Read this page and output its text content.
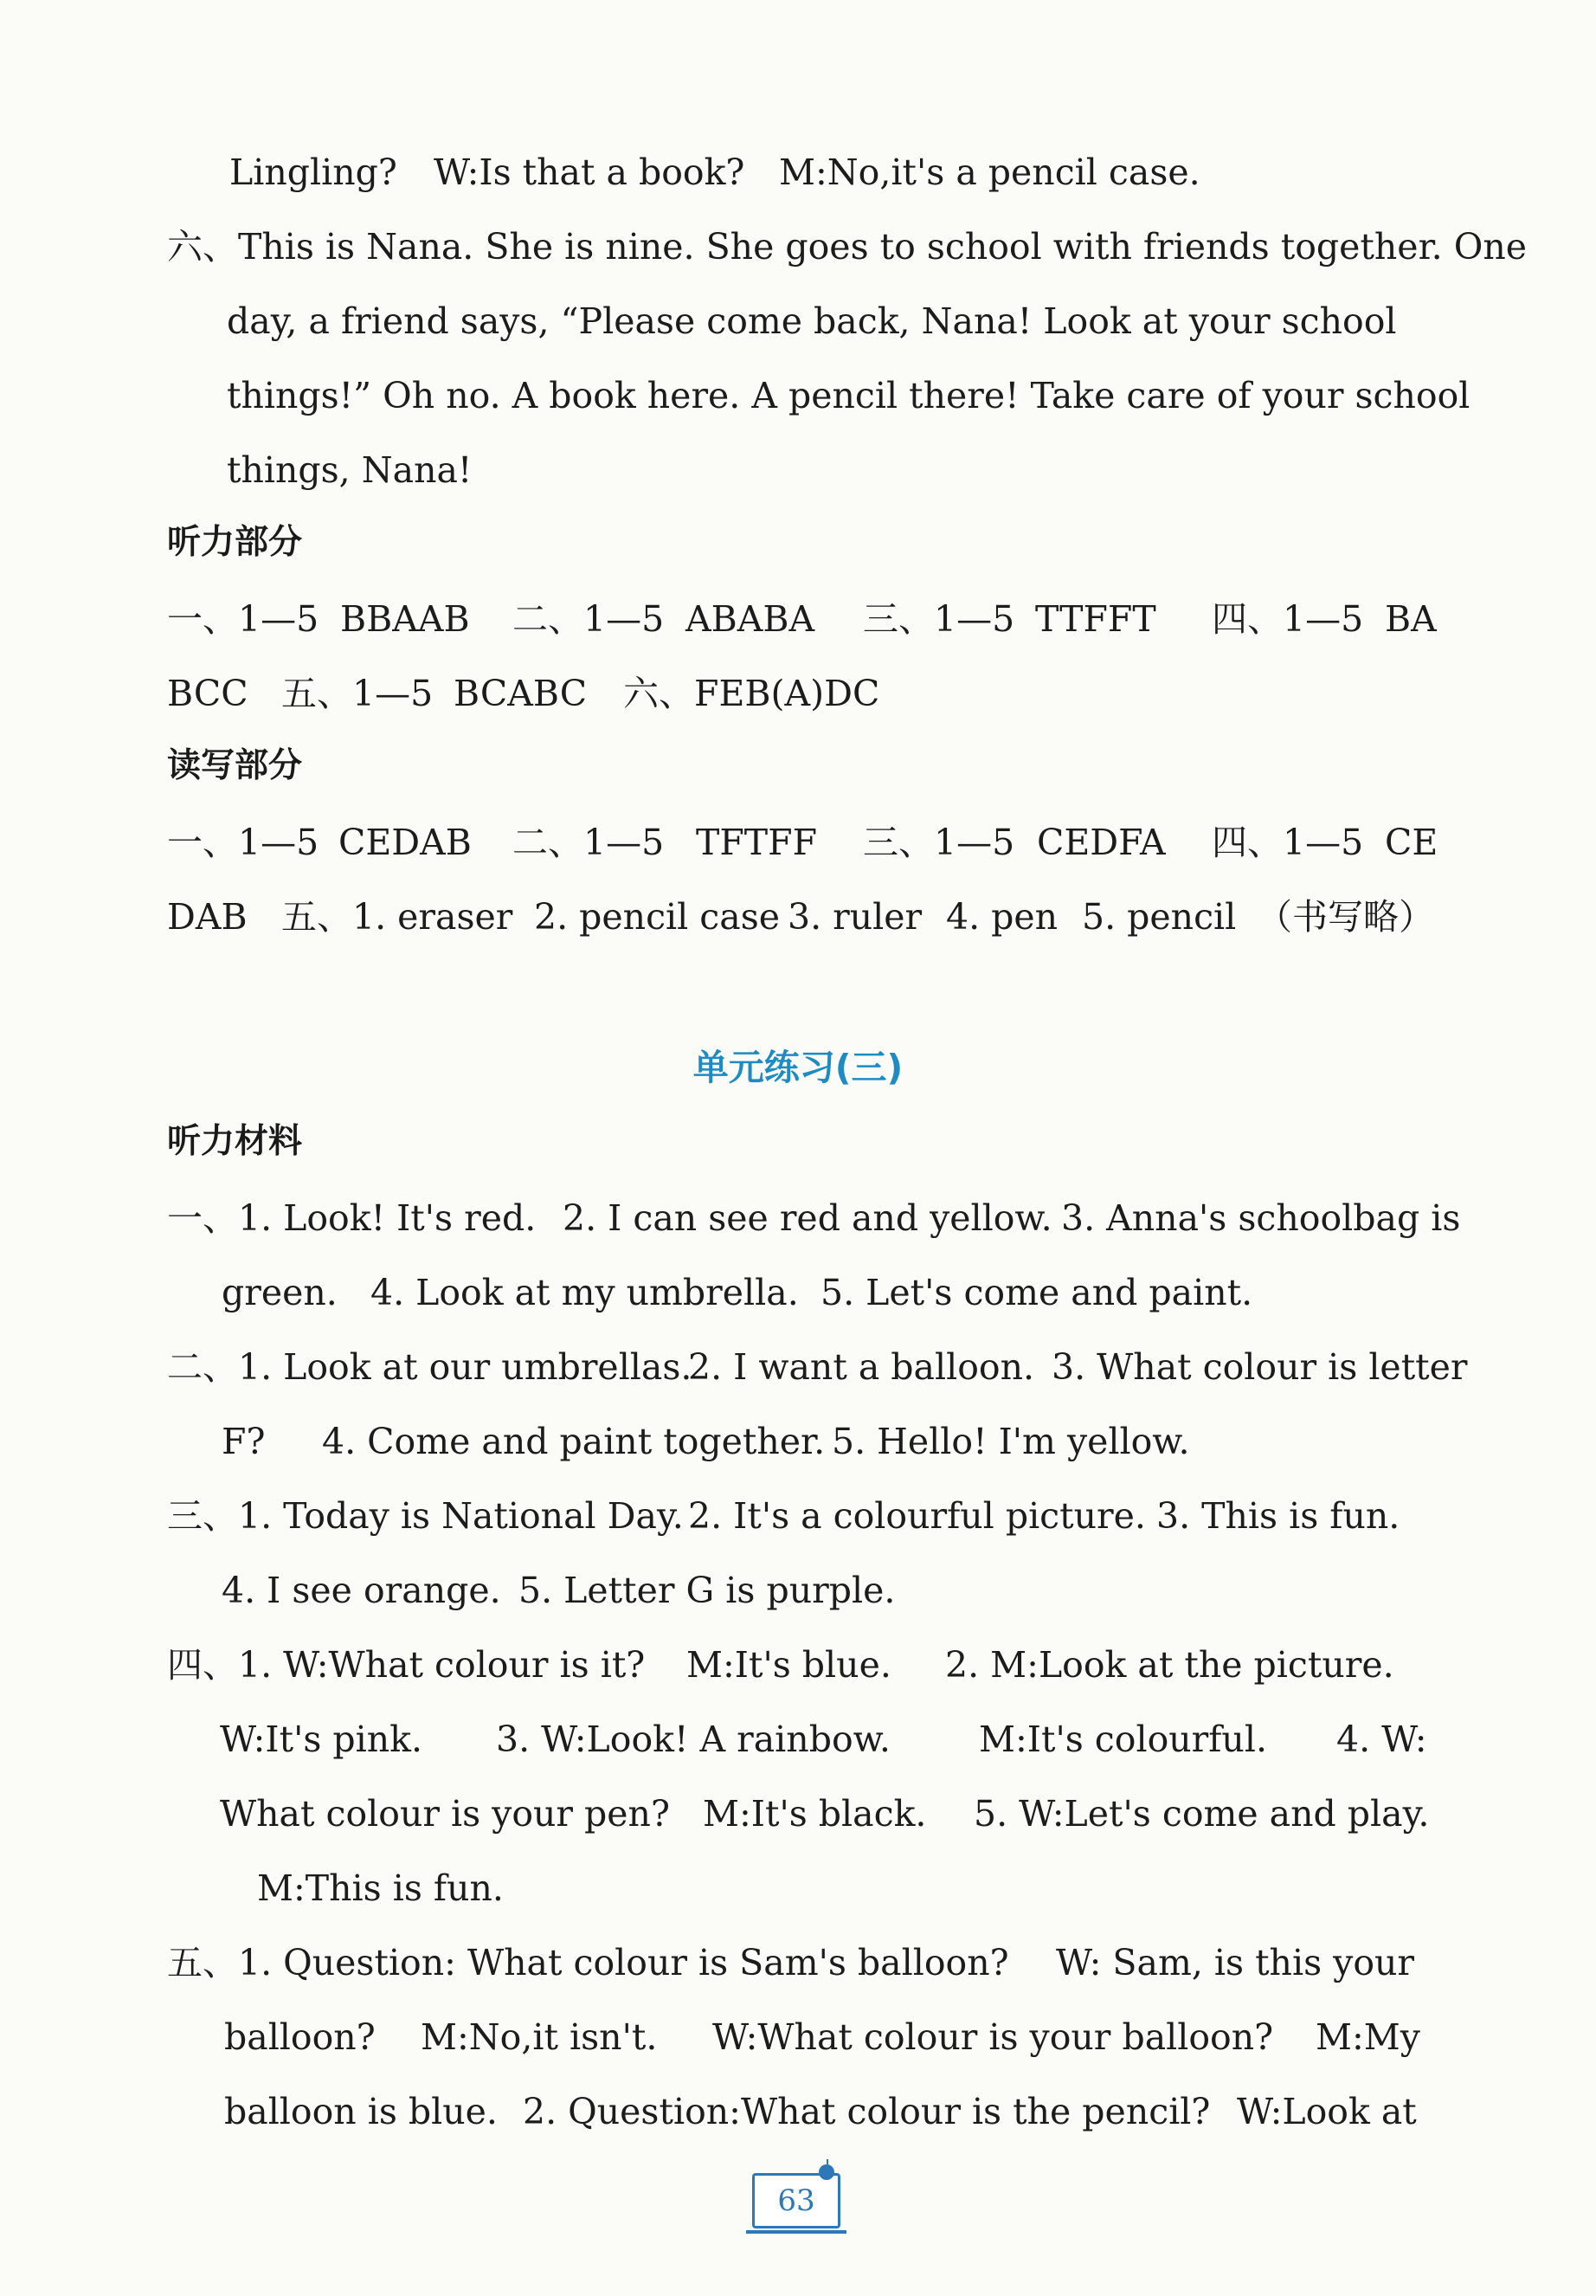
Lingling? W:Is that a book? M:No,it's a pencil case.
六、This is Nana. She is nine. She goes to school with friends together. One
day, a friend says, “Please come back, Nana! Look at your school
things!” Oh no. A book here. A pencil there! Take care of your school
things, Nana!
听力部分
一、1—5 BBAAB 二、1—5 ABABA 三、1—5 TTFFT 四、1—5 BA
BCC 五、1—5 BCABC 六、FEB(A)DC
读写部分
一、1—5 CEDAB 二、1—5 TFTFF 三、1—5 CEDFA 四、1—5 CE
DAB 五、1. eraser 2. pencil case 3. ruler 4. pen 5. pencil （书写略）
单元练习(三)
听力材料
一、1. Look! It's red. 2. I can see red and yellow. 3. Anna's schoolbag is
green. 4. Look at my umbrella. 5. Let's come and paint.
二、1. Look at our umbrellas.
2. I want a balloon. 3. What colour is letter
F? 4. Come and paint together. 5. Hello! I'm yellow.
三、1. Today is National Day. 2. It's a colourful picture. 3. This is fun.
4. I see orange. 5. Letter G is purple.
四、1. W:What colour is it? M:It's blue. 2. M:Look at the picture.
W:It's pink. 3. W:Look! A rainbow. M:It's colourful. 4. W:
What colour is your pen? M:It's black. 5. W:Let's come and play.
M:This is fun.
五、1. Question: What colour is Sam's balloon? W: Sam, is this your
balloon? M:No,it isn't. W:What colour is your balloon? M:My
balloon is blue. 2. Question:What colour is the pencil? W:Look at
63
